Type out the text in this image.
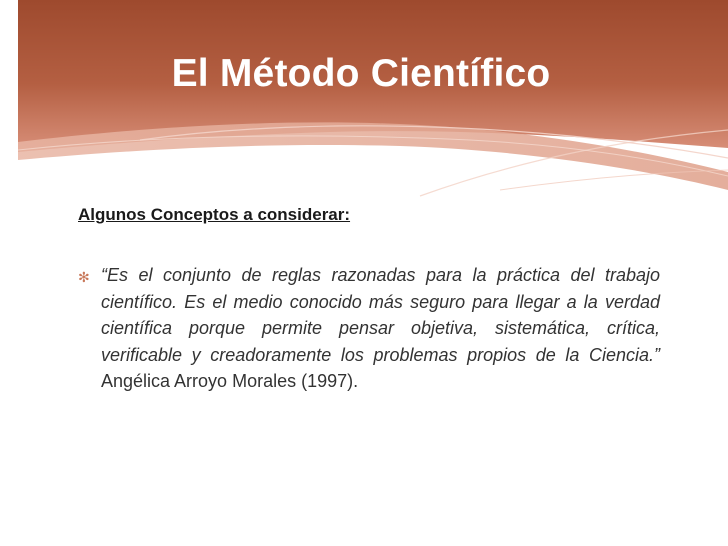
El Método Científico
Algunos Conceptos a considerar:
✻ “Es el conjunto de reglas razonadas para la práctica del trabajo científico. Es el medio conocido más seguro para llegar a la verdad científica porque permite pensar objetiva, sistemática, crítica, verificable y creadoramente los problemas propios de la Ciencia.” Angélica Arroyo Morales (1997).
